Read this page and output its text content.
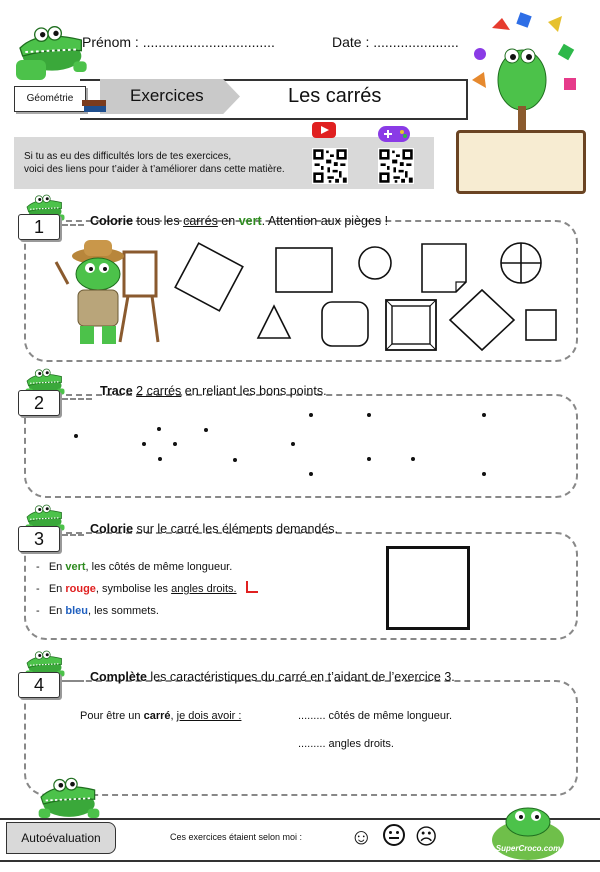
Prénom : ..................................	Date : ......................
Exercices	Les carrés
Géométrie
Si tu as eu des difficultés lors de tes exercices,
voici des liens pour t’aider à t’améliorer dans cette matière.
1	Colorie tous les carrés en vert. Attention aux pièges !
2
Trace 2 carrés en reliant les bons points.
3	Colorie sur le carré les éléments demandés.
-   En vert, les côtés de même longueur.
-   En rouge, symbolise les angles droits.
-   En bleu, les sommets.
4	Complète les caractéristiques du carré en t’aidant de l’exercice 3.
Pour être un carré, je dois avoir :	......... côtés de même longueur.
......... angles droits.
Autoévaluation	Ces exercices étaient selon moi : ☺ ☹	SuperCroco.com
